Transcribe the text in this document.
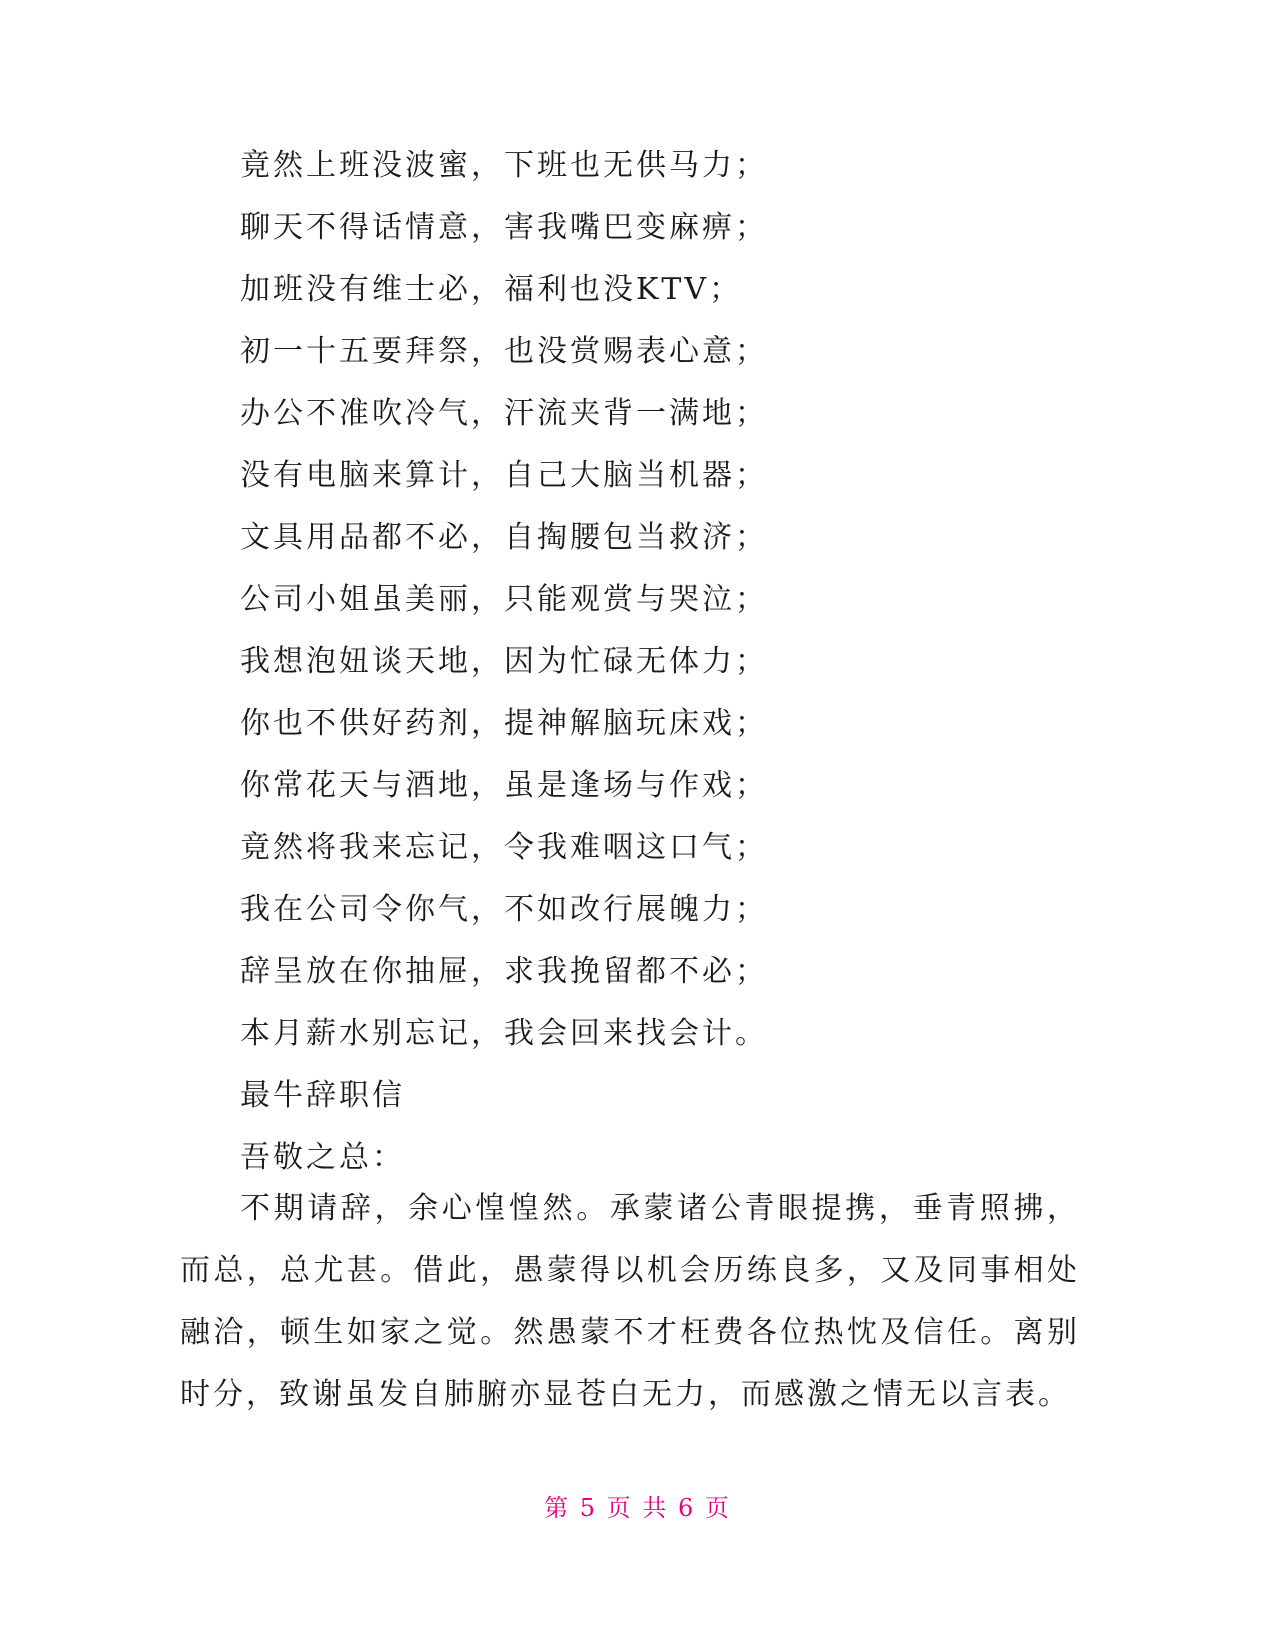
竟然上班没波蜜，下班也无供马力；
聊天不得话情意，害我嘴巴变麻痹；
加班没有维士必，福利也没KTV；
初一十五要拜祭，也没赏赐表心意；
办公不准吹冷气，汗流夹背一满地；
没有电脑来算计，自己大脑当机器；
文具用品都不必，自掏腰包当救济；
公司小姐虽美丽，只能观赏与哭泣；
我想泡妞谈天地，因为忙碌无体力；
你也不供好药剂，提神解脑玩床戏；
你常花天与酒地，虽是逢场与作戏；
竟然将我来忘记，令我难咽这口气；
我在公司令你气，不如改行展魄力；
辞呈放在你抽屉，求我挽留都不必；
本月薪水别忘记，我会回来找会计。
最牛辞职信
吾敬之总：

不期请辞，余心惶惶然。承蒙诸公青眼提携，垂青照拂，而总，总尤甚。借此，愚蒙得以机会历练良多，又及同事相处融洽，顿生如家之觉。然愚蒙不才枉费各位热忱及信任。离别时分，致谢虽发自肺腑亦显苍白无力，而感激之情无以言表。

第 5 页 共 6 页
